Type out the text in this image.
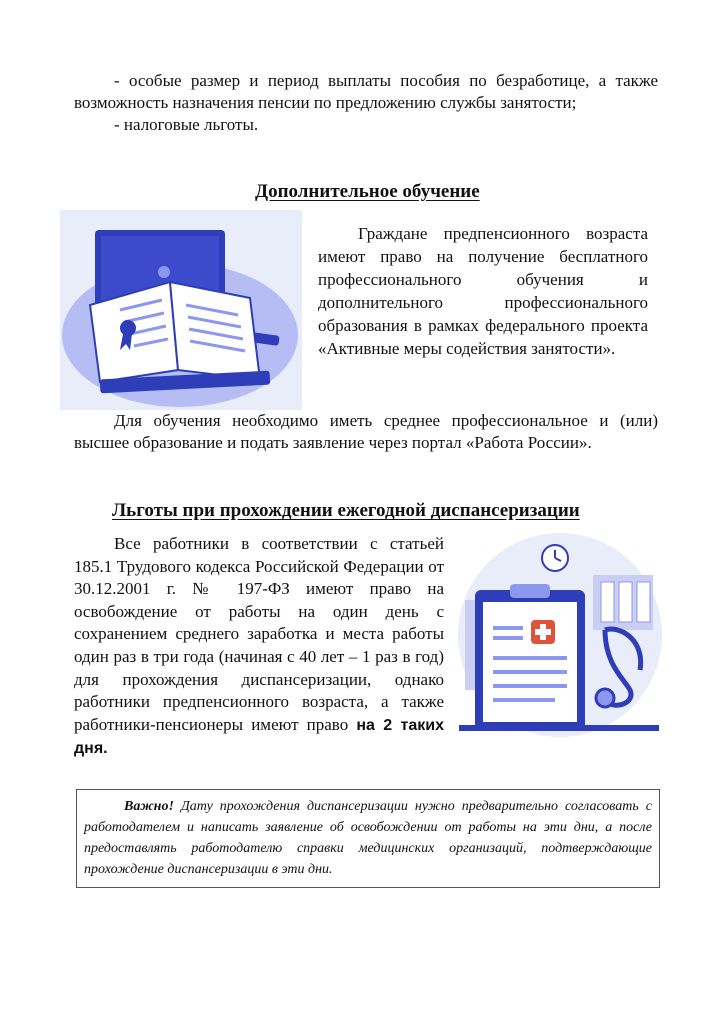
- особые размер и период выплаты пособия по безработице, а также возможность назначения пенсии по предложению службы занятости;

- налоговые льготы.

Дополнительное обучение

Граждане предпенсионного возраста имеют право на получение бесплатного профессионального обучения и дополнительного профессионального образования в рамках федерального проекта «Активные меры содействия занятости».

Для обучения необходимо иметь среднее профессиональное и (или) высшее образование и подать заявление через портал «Работа России».

Льготы при прохождении ежегодной диспансеризации

Все работники в соответствии с статьей 185.1 Трудового кодекса Российской Федерации от 30.12.2001 г. № 197-ФЗ имеют право на освобождение от работы на один день с сохранением среднего заработка и места работы один раз в три года (начиная с 40 лет – 1 раз в год) для прохождения диспансеризации, однако работники предпенсионного возраста, а также работники-пенсионеры имеют право на 2 таких дня.

Важно! Дату прохождения диспансеризации нужно предварительно согласовать с работодателем и написать заявление об освобождении от работы на эти дни, а после предоставлять работодателю справки медицинских организаций, подтверждающие прохождение диспансеризации в эти дни.
